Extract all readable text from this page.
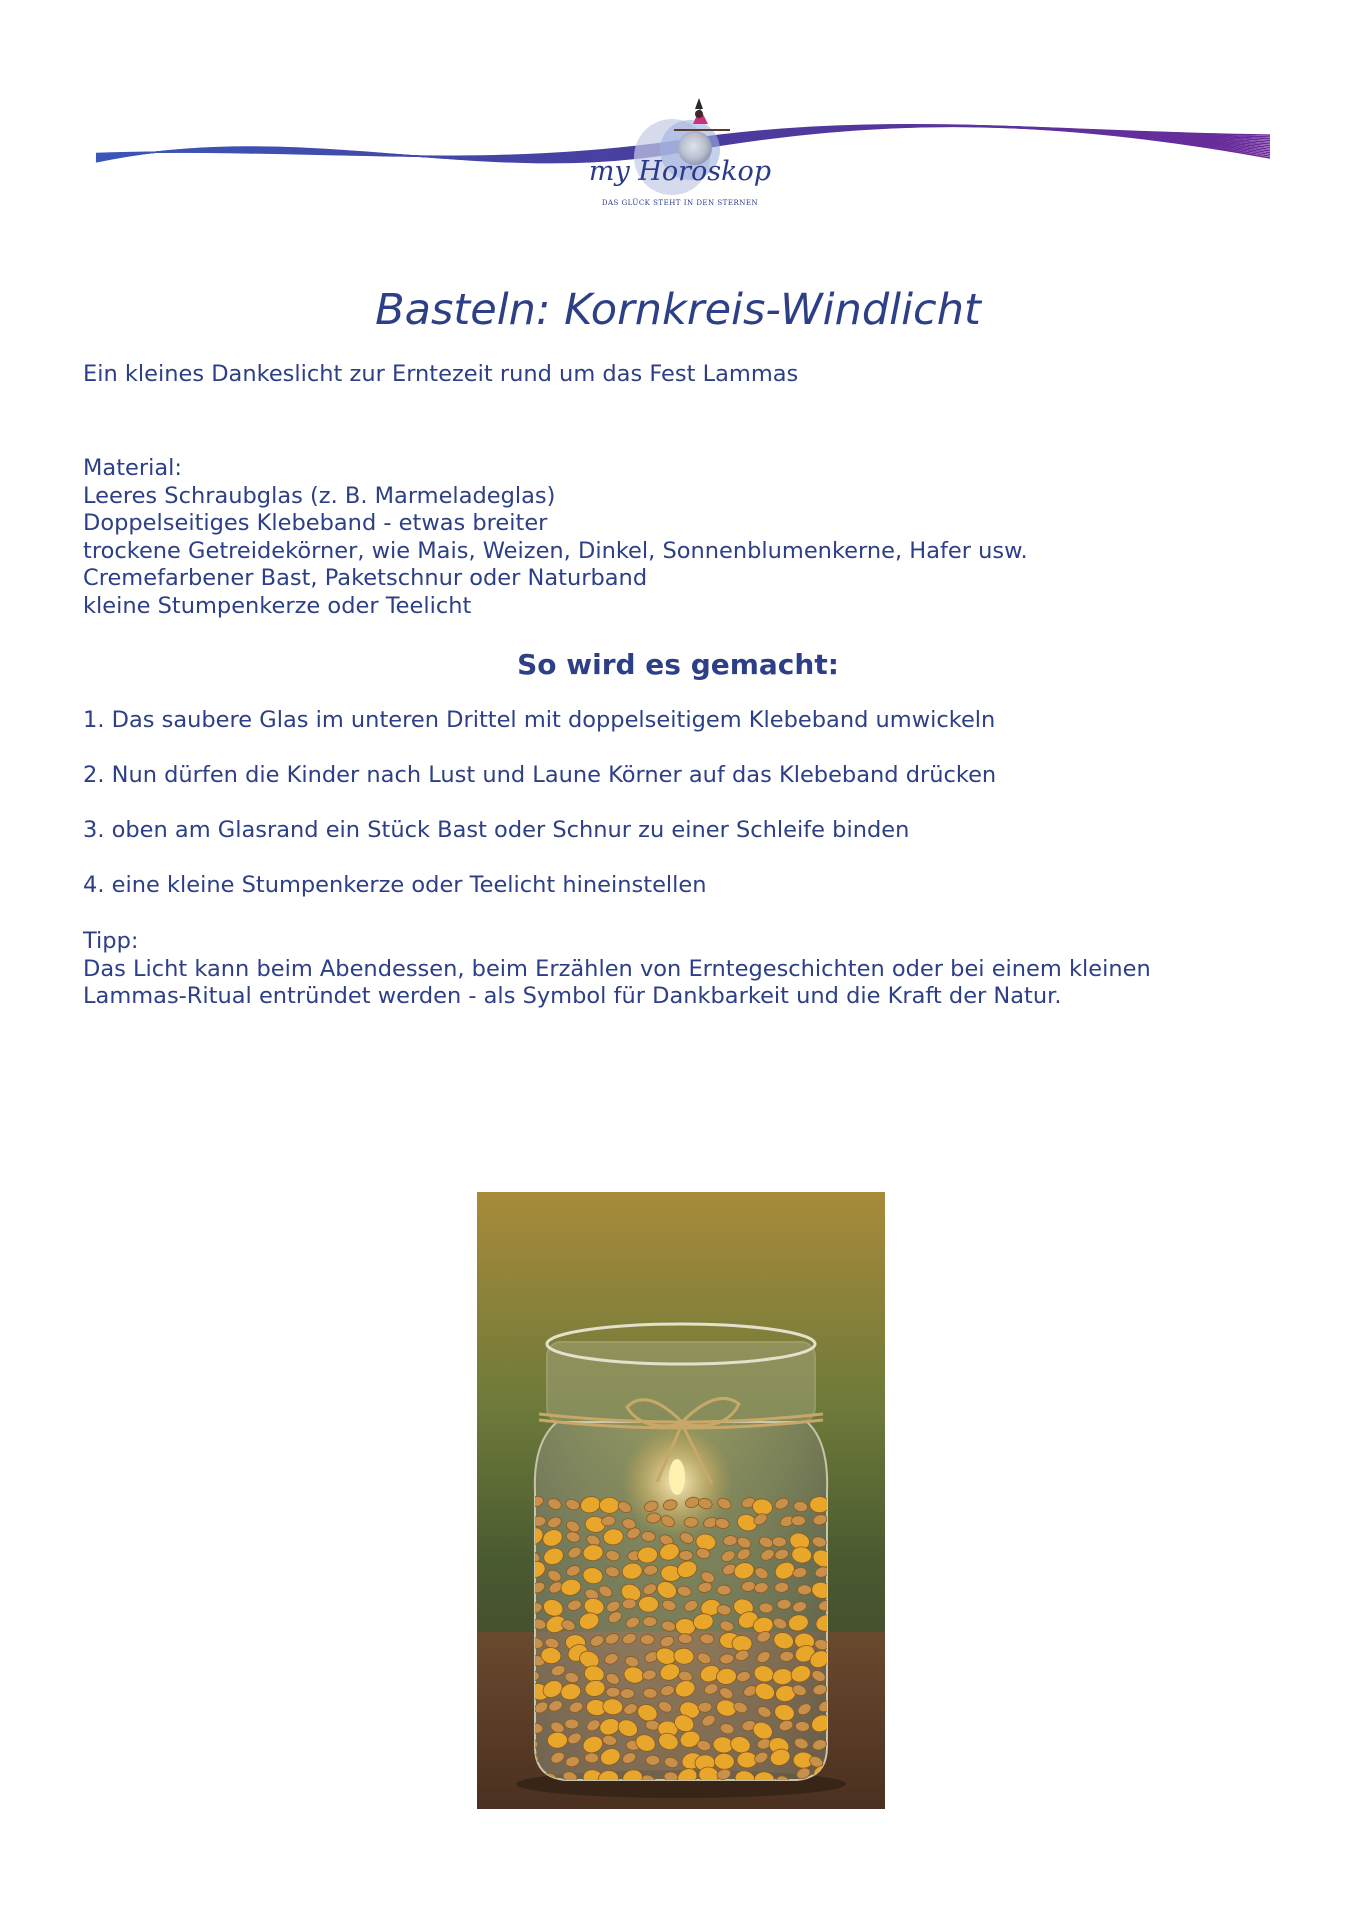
my Horoskop
DAS GLÜCK STEHT IN DEN STERNEN
Basteln: Kornkreis-Windlicht

Ein kleines Dankeslicht zur Erntezeit rund um das Fest Lammas

Material:
Leeres Schraubglas (z. B. Marmeladeglas)
Doppelseitiges Klebeband - etwas breiter
trockene Getreidekörner, wie Mais, Weizen, Dinkel, Sonnenblumenkerne, Hafer usw.
Cremefarbener Bast, Paketschnur oder Naturband
kleine Stumpenkerze oder Teelicht
So wird es gemacht:
1. Das saubere Glas im unteren Drittel mit doppelseitigem Klebeband umwickeln
2. Nun dürfen die Kinder nach Lust und Laune Körner auf das Klebeband drücken
3. oben am Glasrand ein Stück Bast oder Schnur zu einer Schleife binden
4. eine kleine Stumpenkerze oder Teelicht hineinstellen
Tipp:
Das Licht kann beim Abendessen, beim Erzählen von Erntegeschichten oder bei einem kleinen
Lammas-Ritual entründet werden - als Symbol für Dankbarkeit und die Kraft der Natur.
